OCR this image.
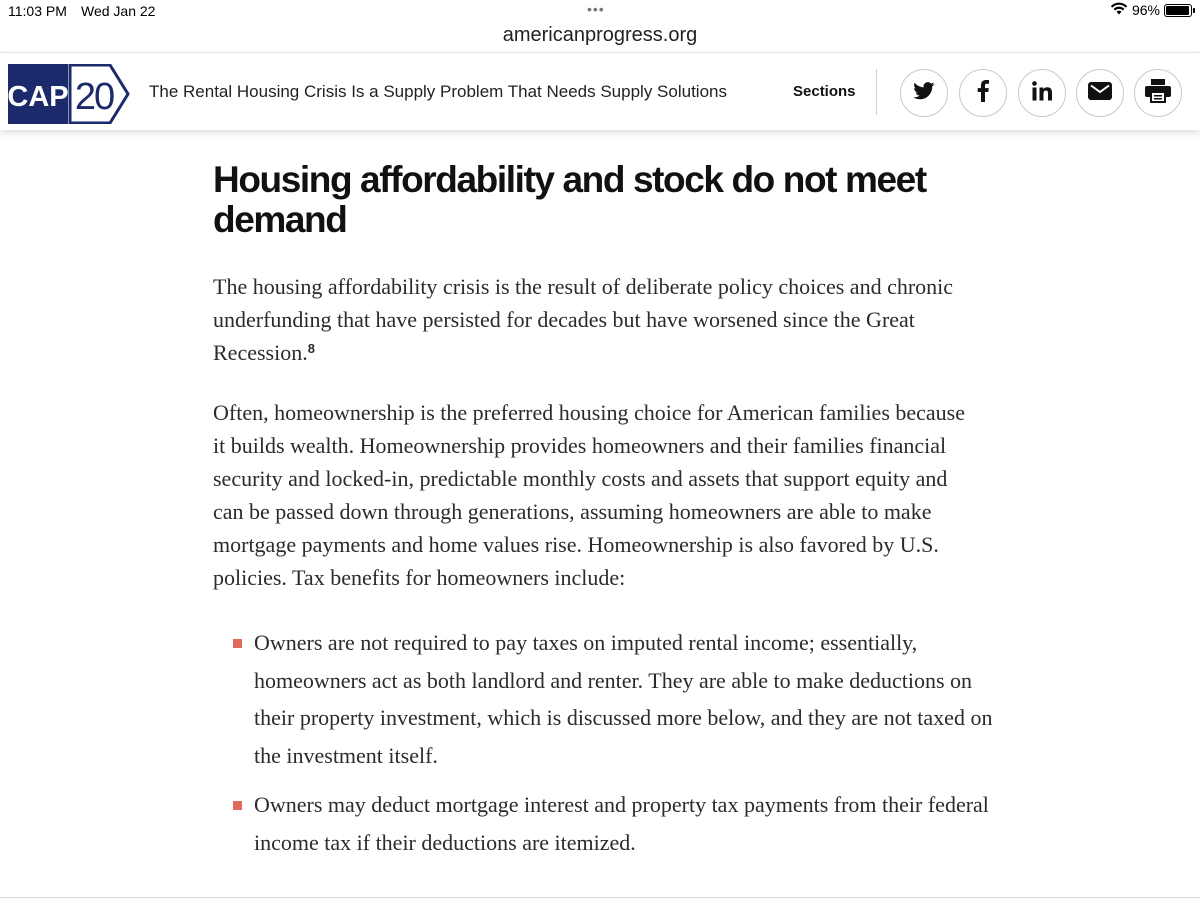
11:03 PM Wed Jan 22	•••	96%
americanprogress.org
CAP 20 The Rental Housing Crisis Is a Supply Problem That Needs Supply Solutions	Sections
Housing affordability and stock do not meet demand

The housing affordability crisis is the result of deliberate policy choices and chronic underfunding that have persisted for decades but have worsened since the Great Recession.$^8$

Often, homeownership is the preferred housing choice for American families because it builds wealth. Homeownership provides homeowners and their families financial security and locked-in, predictable monthly costs and assets that support equity and can be passed down through generations, assuming homeowners are able to make mortgage payments and home values rise. Homeownership is also favored by U.S. policies. Tax benefits for homeowners include:

Owners are not required to pay taxes on imputed rental income; essentially, homeowners act as both landlord and renter. They are able to make deductions on their property investment, which is discussed more below, and they are not taxed on the investment itself.
Owners may deduct mortgage interest and property tax payments from their federal income tax if their deductions are itemized.
